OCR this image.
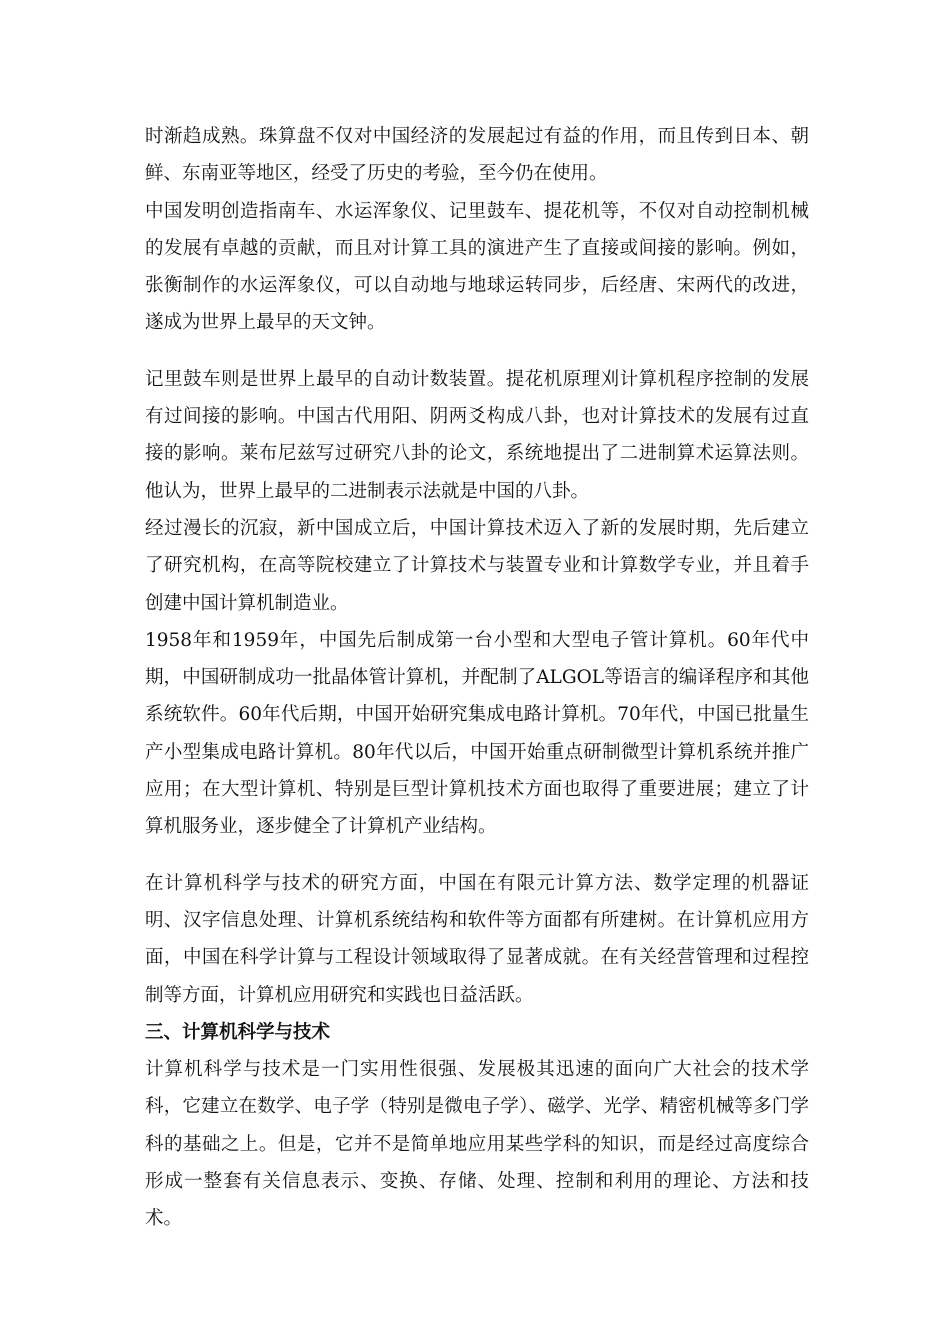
时渐趋成熟。珠算盘不仅对中国经济的发展起过有益的作用，而且传到日本、朝鲜、东南亚等地区，经受了历史的考验，至今仍在使用。

中国发明创造指南车、水运浑象仪、记里鼓车、提花机等，不仅对自动控制机械的发展有卓越的贡献，而且对计算工具的演进产生了直接或间接的影响。例如，张衡制作的水运浑象仪，可以自动地与地球运转同步，后经唐、宋两代的改进，遂成为世界上最早的天文钟。

记里鼓车则是世界上最早的自动计数装置。提花机原理刈计算机程序控制的发展有过间接的影响。中国古代用阳、阴两爻构成八卦，也对计算技术的发展有过直接的影响。莱布尼兹写过研究八卦的论文，系统地提出了二进制算术运算法则。他认为，世界上最早的二进制表示法就是中国的八卦。

经过漫长的沉寂，新中国成立后，中国计算技术迈入了新的发展时期，先后建立了研究机构，在高等院校建立了计算技术与装置专业和计算数学专业，并且着手创建中国计算机制造业。

1958年和1959年，中国先后制成第一台小型和大型电子管计算机。60年代中期，中国研制成功一批晶体管计算机，并配制了ALGOL等语言的编译程序和其他系统软件。60年代后期，中国开始研究集成电路计算机。70年代，中国已批量生产小型集成电路计算机。80年代以后，中国开始重点研制微型计算机系统并推广应用；在大型计算机、特别是巨型计算机技术方面也取得了重要进展；建立了计算机服务业，逐步健全了计算机产业结构。

在计算机科学与技术的研究方面，中国在有限元计算方法、数学定理的机器证明、汉字信息处理、计算机系统结构和软件等方面都有所建树。在计算机应用方面，中国在科学计算与工程设计领域取得了显著成就。在有关经营管理和过程控制等方面，计算机应用研究和实践也日益活跃。

三、计算机科学与技术

计算机科学与技术是一门实用性很强、发展极其迅速的面向广大社会的技术学科，它建立在数学、电子学（特别是微电子学）、磁学、光学、精密机械等多门学科的基础之上。但是，它并不是简单地应用某些学科的知识，而是经过高度综合形成一整套有关信息表示、变换、存储、处理、控制和利用的理论、方法和技术。
